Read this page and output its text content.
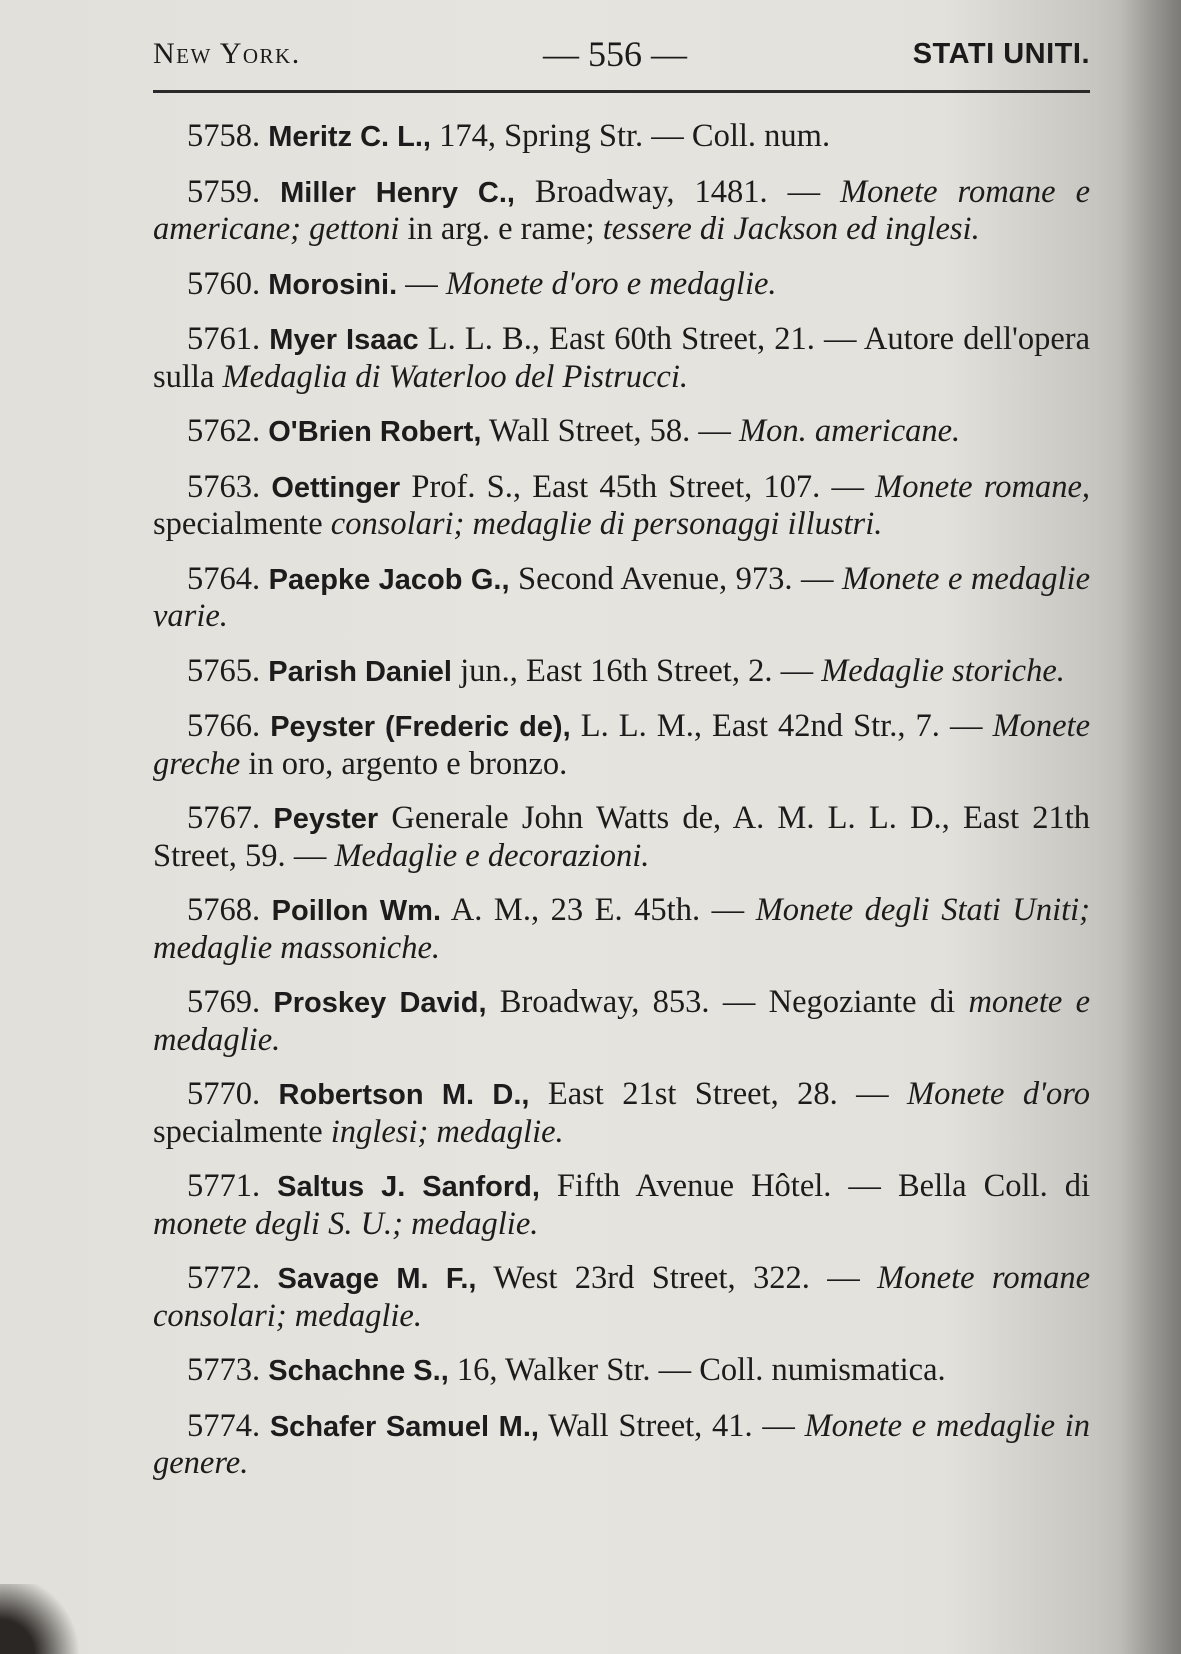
New York.	— 556 —	STATI UNITI.

5758. Meritz C. L., 174, Spring Str. — Coll. num.

5759. Miller Henry C., Broadway, 1481. — Monete romane e americane; gettoni in arg. e rame; tessere di Jackson ed inglesi.

5760. Morosini. — Monete d'oro e medaglie.

5761. Myer Isaac L. L. B., East 60th Street, 21. — Autore dell'opera sulla Medaglia di Waterloo del Pistrucci.

5762. O'Brien Robert, Wall Street, 58. — Mon. americane.

5763. Oettinger Prof. S., East 45th Street, 107. — Monete romane, specialmente consolari; medaglie di personaggi illustri.

5764. Paepke Jacob G., Second Avenue, 973. — Monete e medaglie varie.

5765. Parish Daniel jun., East 16th Street, 2. — Medaglie storiche.

5766. Peyster (Frederic de), L. L. M., East 42nd Str., 7. — Monete greche in oro, argento e bronzo.

5767. Peyster Generale John Watts de, A. M. L. L. D., East 21th Street, 59. — Medaglie e decorazioni.

5768. Poillon Wm. A. M., 23 E. 45th. — Monete degli Stati Uniti; medaglie massoniche.

5769. Proskey David, Broadway, 853. — Negoziante di monete e medaglie.

5770. Robertson M. D., East 21st Street, 28. — Monete d'oro specialmente inglesi; medaglie.

5771. Saltus J. Sanford, Fifth Avenue Hôtel. — Bella Coll. di monete degli S. U.; medaglie.

5772. Savage M. F., West 23rd Street, 322. — Monete romane consolari; medaglie.

5773. Schachne S., 16, Walker Str. — Coll. numismatica.

5774. Schafer Samuel M., Wall Street, 41. — Monete e medaglie in genere.
